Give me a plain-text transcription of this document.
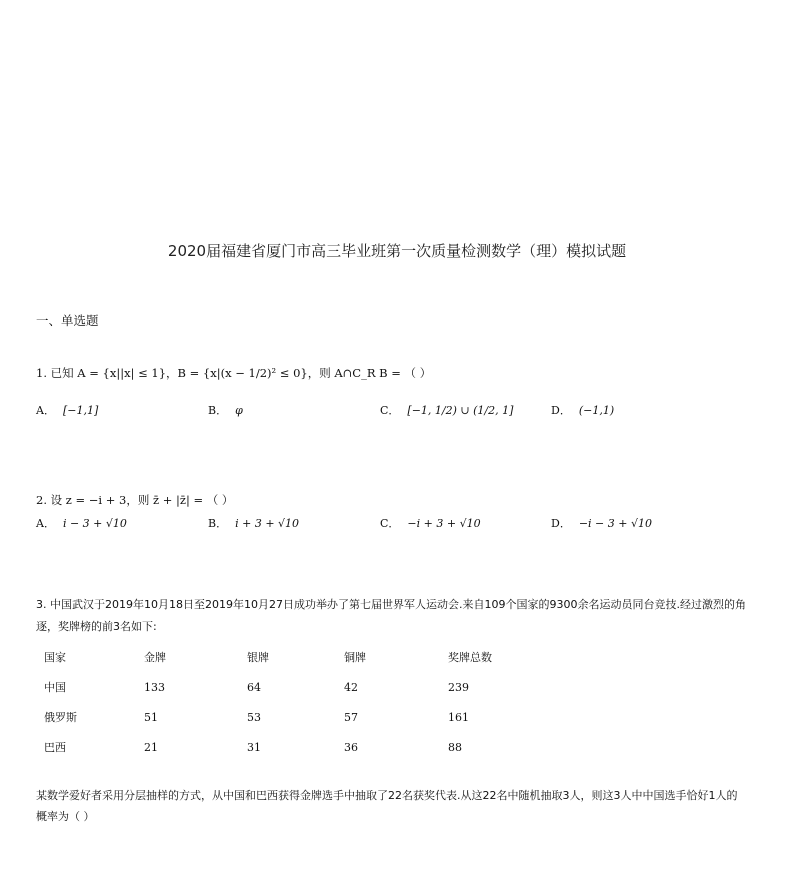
2020届福建省厦门市高三毕业班第一次质量检测数学（理）模拟试题
一、单选题
1. 已知 A = {x||x| ≤ 1}，B = {x|(x − 1/2)² ≤ 0}，则 A∩C_R B = （ ）
A． [−1,1]	B． φ	C． [−1, 1/2) ∪ (1/2, 1]	D． (−1,1)
2. 设 z = −i + 3，则 z̄ + |z̄| = （ ）
A． i − 3 + √10	B． i + 3 + √10	C． −i + 3 + √10	D． −i − 3 + √10
3. 中国武汉于2019年10月18日至2019年10月27日成功举办了第七届世界军人运动会.来自109个国家的9300余名运动员同台竞技.经过激烈的角
逐，奖牌榜的前3名如下:
国家	金牌	银牌	铜牌	奖牌总数
中国	133	64	42	239
俄罗斯	51	53	57	161
巴西	21	31	36	88
某数学爱好者采用分层抽样的方式，从中国和巴西获得金牌选手中抽取了22名获奖代表.从这22名中随机抽取3人，则这3人中中国选手恰好1人的
概率为（ ）
